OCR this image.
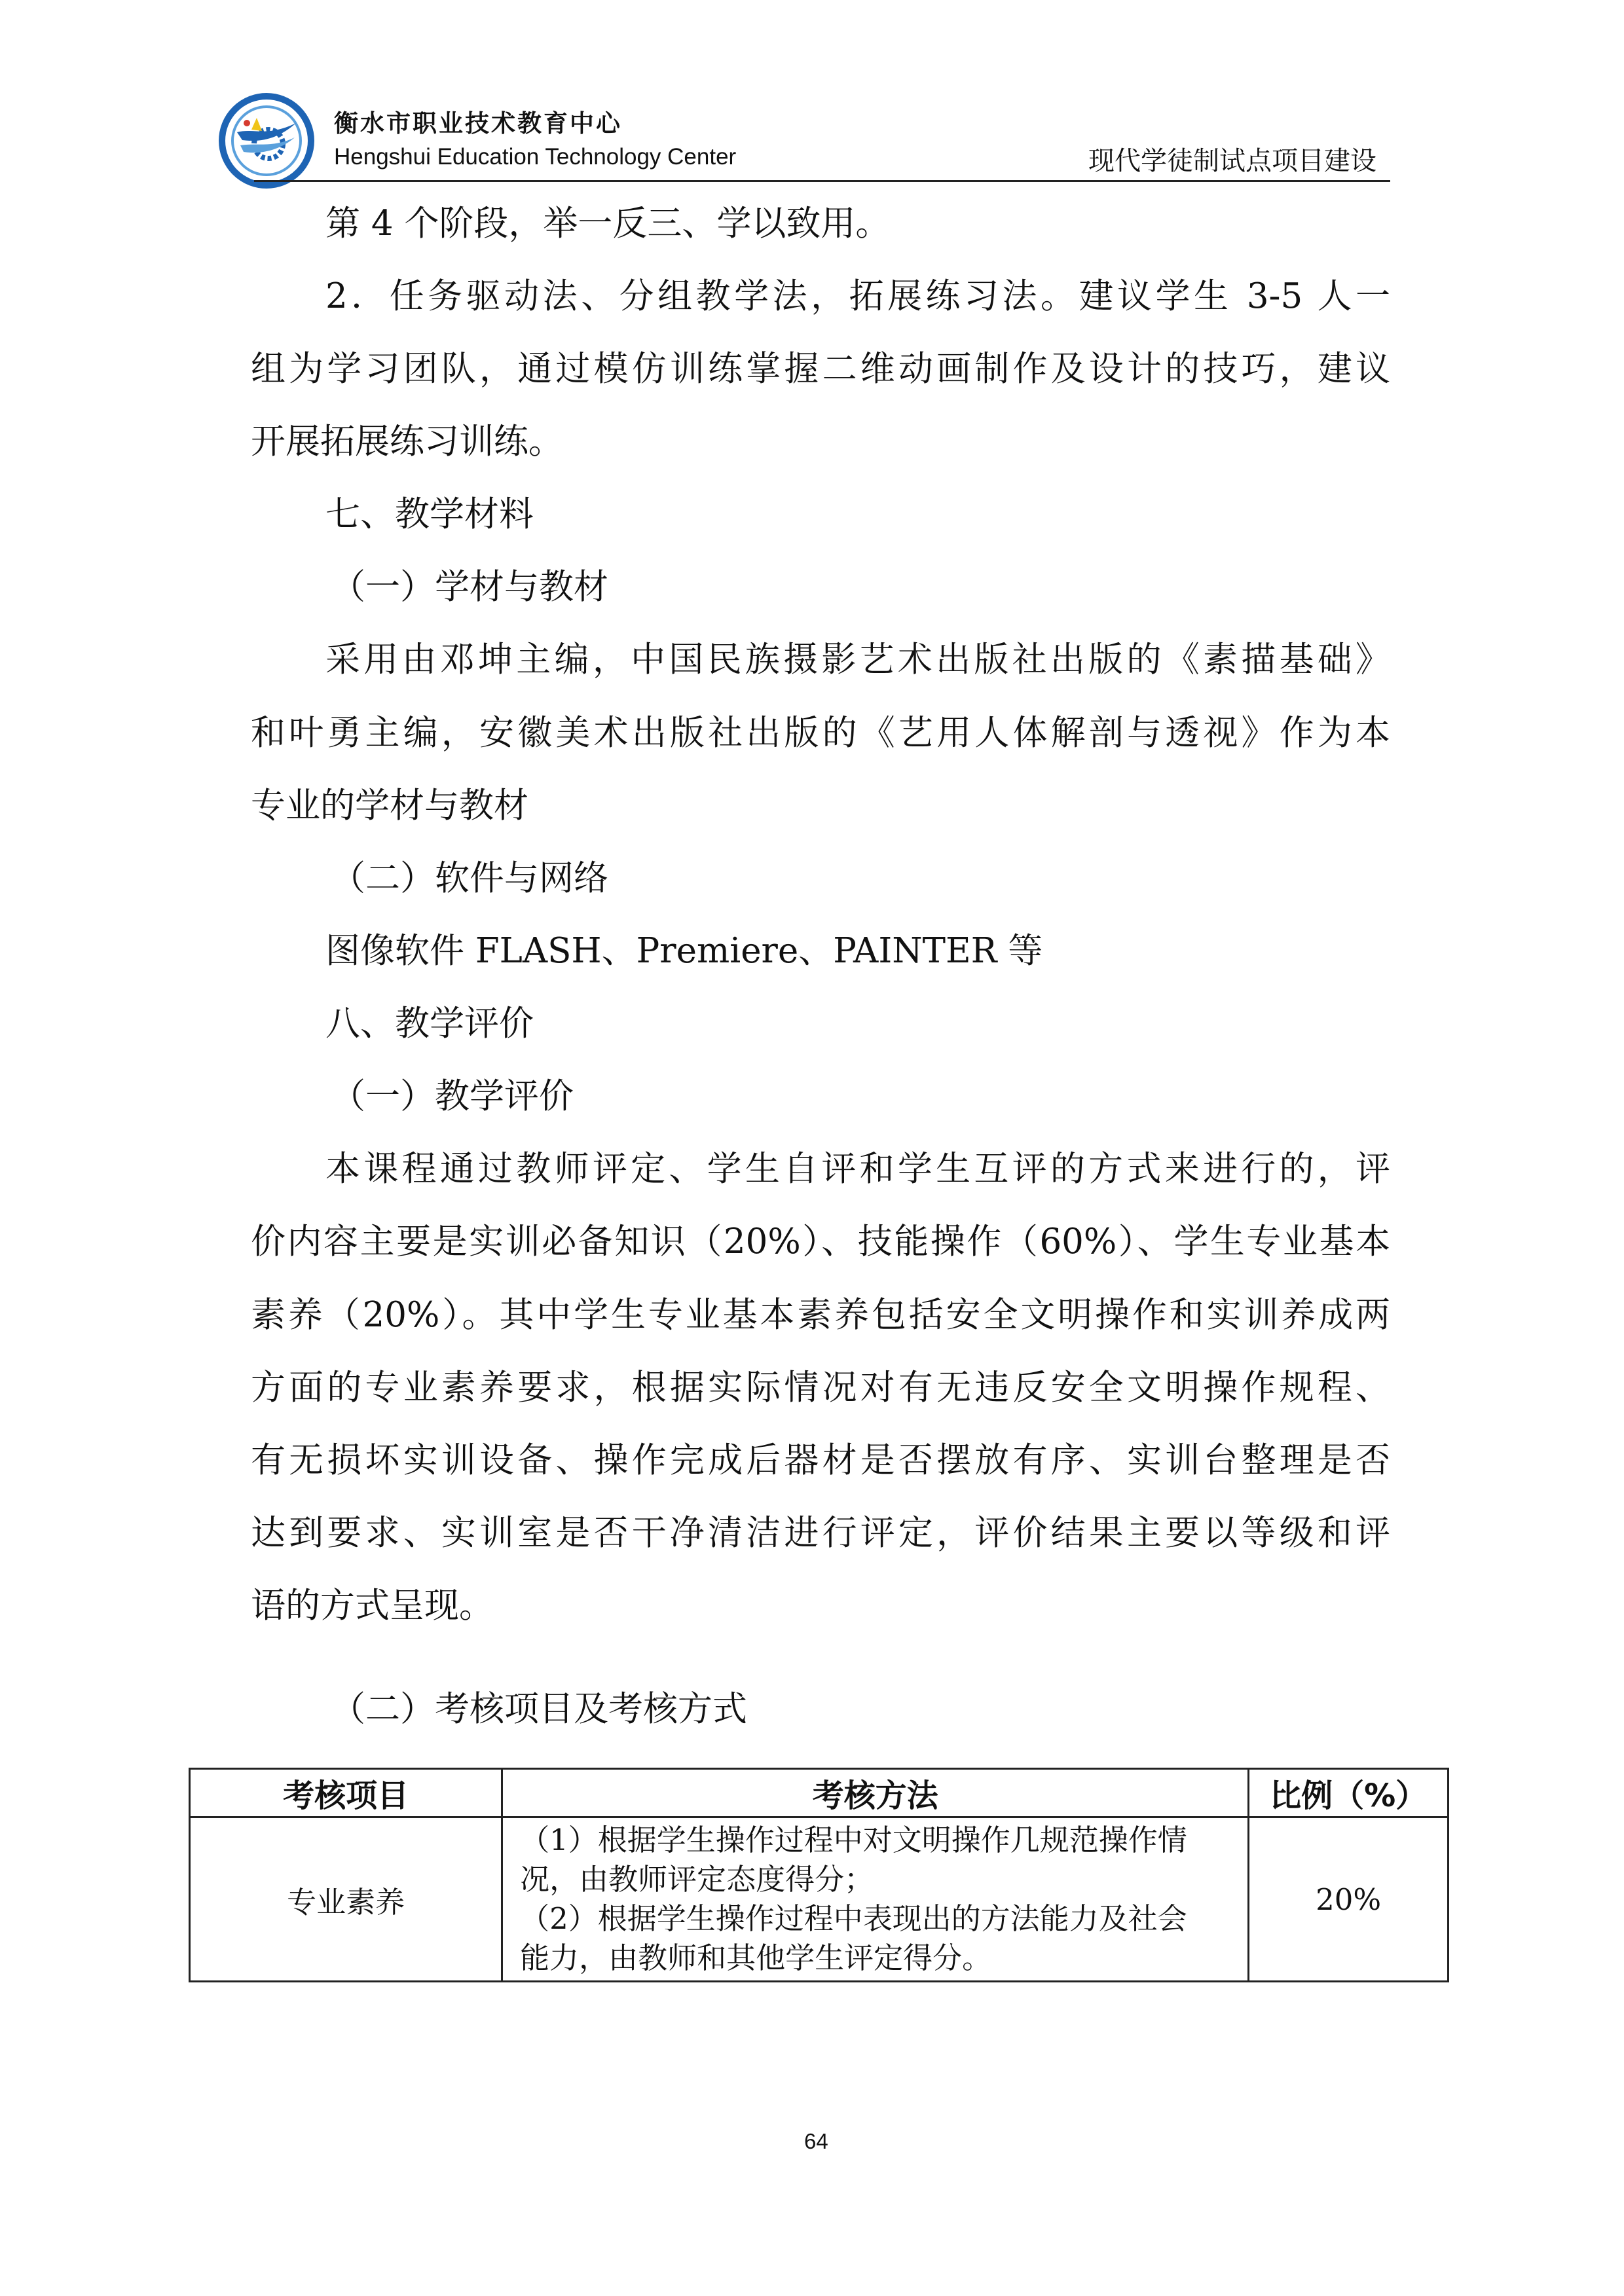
衡水市职业技术教育中心
Hengshui Education Technology Center	现代学徒制试点项目建设
第 4 个阶段，举一反三、学以致用。
2．任务驱动法、分组教学法，拓展练习法。建议学生 3-5 人一
组为学习团队，通过模仿训练掌握二维动画制作及设计的技巧，建议
开展拓展练习训练。
七、教学材料
（一）学材与教材
采用由邓坤主编，中国民族摄影艺术出版社出版的《素描基础》
和叶勇主编，安徽美术出版社出版的《艺用人体解剖与透视》作为本
专业的学材与教材
（二）软件与网络
图像软件 FLASH、Premiere、PAINTER 等
八、教学评价
（一）教学评价
本课程通过教师评定、学生自评和学生互评的方式来进行的，评
价内容主要是实训必备知识（20%）、技能操作（60%）、学生专业基本
素养（20%）。其中学生专业基本素养包括安全文明操作和实训养成两
方面的专业素养要求，根据实际情况对有无违反安全文明操作规程、
有无损坏实训设备、操作完成后器材是否摆放有序、实训台整理是否
达到要求、实训室是否干净清洁进行评定，评价结果主要以等级和评
语的方式呈现。
（二）考核项目及考核方式
考核项目	考核方法	比例（%）
专业素养	（1）根据学生操作过程中对文明操作几规范操作情
况，由教师评定态度得分；
（2）根据学生操作过程中表现出的方法能力及社会
能力，由教师和其他学生评定得分。	20%
64
